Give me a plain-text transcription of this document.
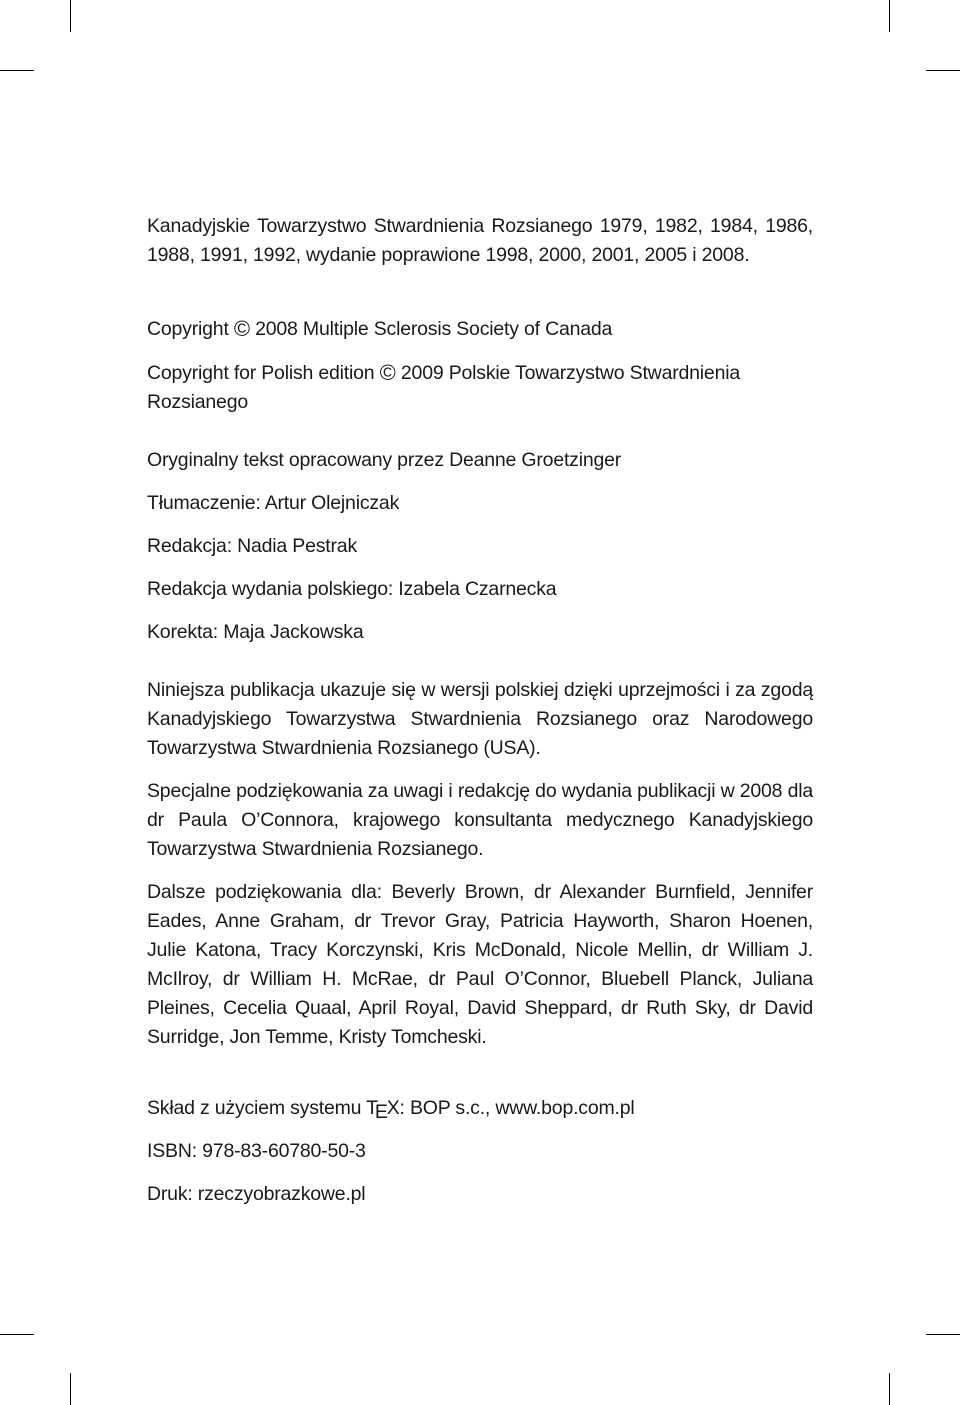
Kanadyjskie Towarzystwo Stwardnienia Rozsianego 1979, 1982, 1984, 1986, 1988, 1991, 1992, wydanie poprawione 1998, 2000, 2001, 2005 i 2008.

Copyright © 2008 Multiple Sclerosis Society of Canada

Copyright for Polish edition © 2009 Polskie Towarzystwo Stwardnienia Rozsianego

Oryginalny tekst opracowany przez Deanne Groetzinger

Tłumaczenie: Artur Olejniczak

Redakcja: Nadia Pestrak

Redakcja wydania polskiego: Izabela Czarnecka

Korekta: Maja Jackowska

Niniejsza publikacja ukazuje się w wersji polskiej dzięki uprzejmości i za zgodą Kanadyjskiego Towarzystwa Stwardnienia Rozsianego oraz Narodowego Towarzystwa Stwardnienia Rozsianego (USA).

Specjalne podziękowania za uwagi i redakcję do wydania publikacji w 2008 dla dr Paula O’Connora, krajowego konsultanta medycznego Kanadyjskiego Towarzystwa Stwardnienia Rozsianego.

Dalsze podziękowania dla: Beverly Brown, dr Alexander Burnfield, Jennifer Eades, Anne Graham, dr Trevor Gray, Patricia Hayworth, Sharon Hoenen, Julie Katona, Tracy Korczynski, Kris McDonald, Nicole Mellin, dr William J. McIlroy, dr William H. McRae, dr Paul O’Connor, Bluebell Planck, Juliana Pleines, Cecelia Quaal, April Royal, David Sheppard, dr Ruth Sky, dr David Surridge, Jon Temme, Kristy Tomcheski.

Skład z użyciem systemu TEX: BOP s.c., www.bop.com.pl

ISBN: 978-83-60780-50-3

Druk: rzeczyobrazkowe.pl
